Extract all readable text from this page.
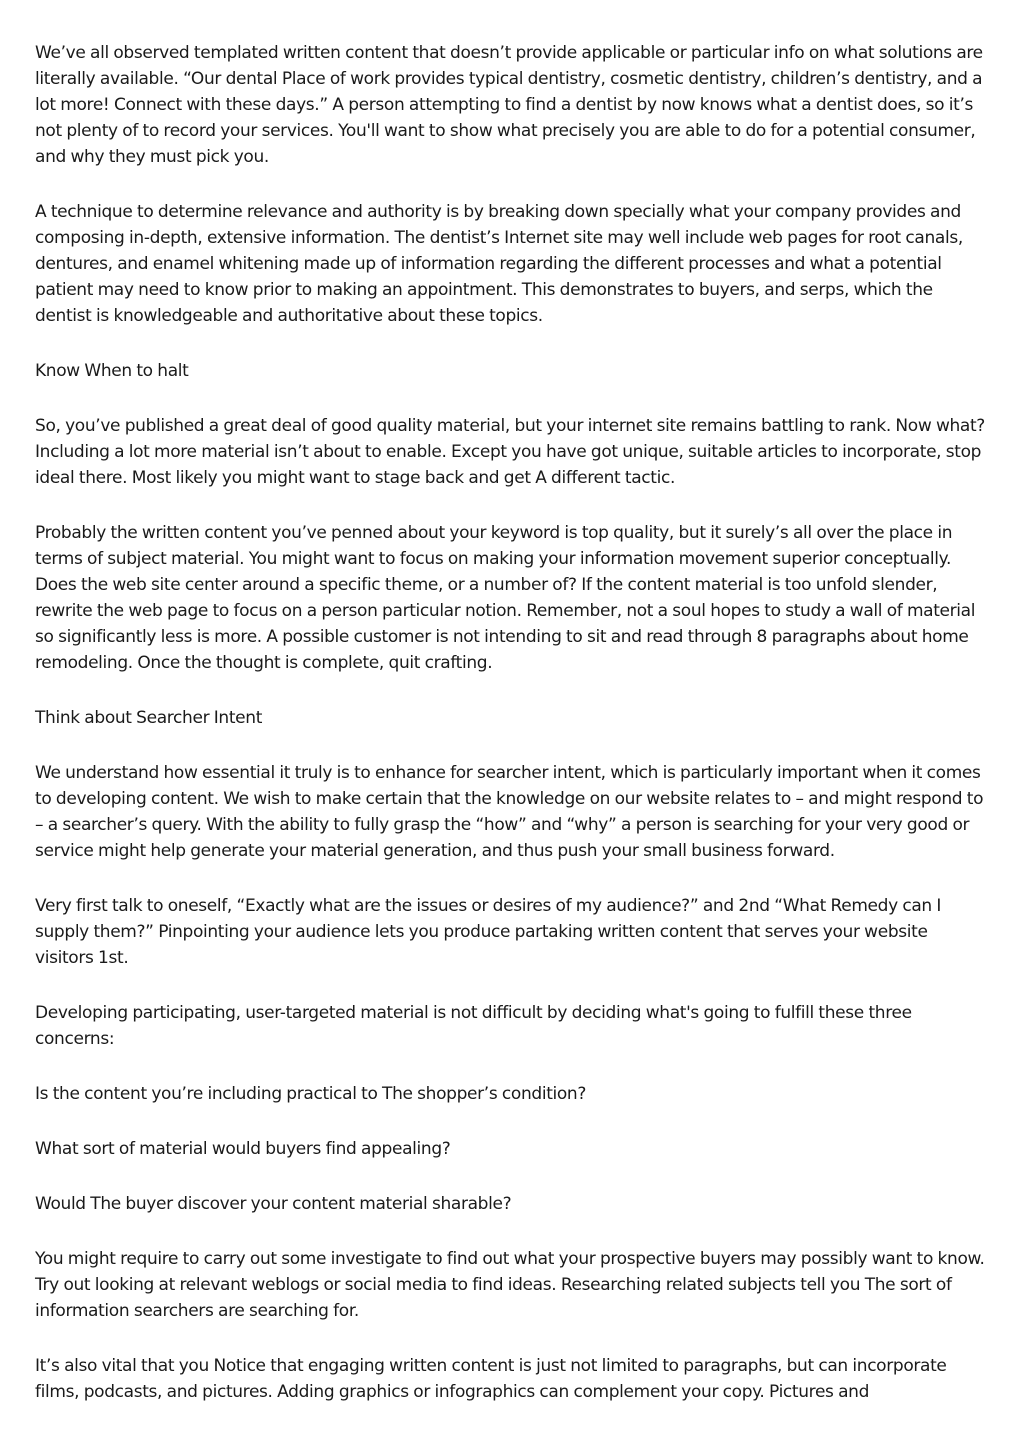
We’ve all observed templated written content that doesn’t provide applicable or particular info on what solutions are literally available. “Our dental Place of work provides typical dentistry, cosmetic dentistry, children’s dentistry, and a lot more! Connect with these days.” A person attempting to find a dentist by now knows what a dentist does, so it’s not plenty of to record your services. You'll want to show what precisely you are able to do for a potential consumer, and why they must pick you.

A technique to determine relevance and authority is by breaking down specially what your company provides and composing in-depth, extensive information. The dentist’s Internet site may well include web pages for root canals, dentures, and enamel whitening made up of information regarding the different processes and what a potential patient may need to know prior to making an appointment. This demonstrates to buyers, and serps, which the dentist is knowledgeable and authoritative about these topics.

Know When to halt

So, you’ve published a great deal of good quality material, but your internet site remains battling to rank. Now what? Including a lot more material isn’t about to enable. Except you have got unique, suitable articles to incorporate, stop ideal there. Most likely you might want to stage back and get A different tactic.

Probably the written content you’ve penned about your keyword is top quality, but it surely’s all over the place in terms of subject material. You might want to focus on making your information movement superior conceptually. Does the web site center around a specific theme, or a number of? If the content material is too unfold slender, rewrite the web page to focus on a person particular notion. Remember, not a soul hopes to study a wall of material so significantly less is more. A possible customer is not intending to sit and read through 8 paragraphs about home remodeling. Once the thought is complete, quit crafting.

Think about Searcher Intent

We understand how essential it truly is to enhance for searcher intent, which is particularly important when it comes to developing content. We wish to make certain that the knowledge on our website relates to – and might respond to – a searcher’s query. With the ability to fully grasp the “how” and “why” a person is searching for your very good or service might help generate your material generation, and thus push your small business forward.

Very first talk to oneself, “Exactly what are the issues or desires of my audience?” and 2nd “What Remedy can I supply them?” Pinpointing your audience lets you produce partaking written content that serves your website visitors 1st.

Developing participating, user-targeted material is not difficult by deciding what's going to fulfill these three concerns:

Is the content you’re including practical to The shopper’s condition?

What sort of material would buyers find appealing?

Would The buyer discover your content material sharable?

You might require to carry out some investigate to find out what your prospective buyers may possibly want to know. Try out looking at relevant weblogs or social media to find ideas. Researching related subjects tell you The sort of information searchers are searching for.

It’s also vital that you Notice that engaging written content is just not limited to paragraphs, but can incorporate films, podcasts, and pictures. Adding graphics or infographics can complement your copy. Pictures and
